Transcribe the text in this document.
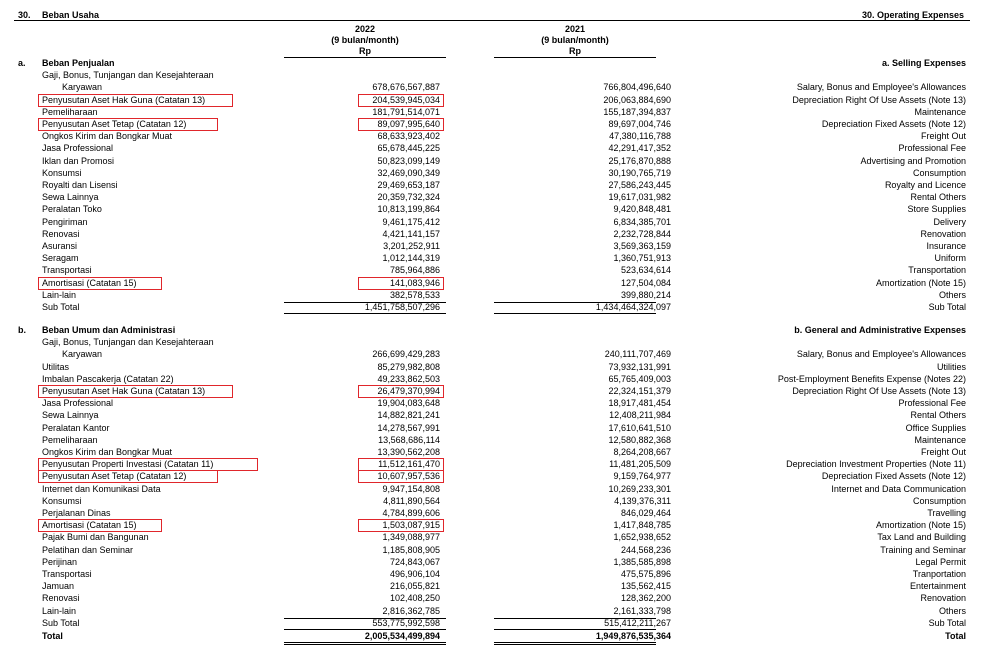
30. Beban Usaha	30. Operating Expenses
2022
(9 bulan/month)
Rp
2021
(9 bulan/month)
Rp
a. Beban Penjualan	a. Selling Expenses
Gaji, Bonus, Tunjangan dan Kesejahteraan
Karyawan	678,676,567,887	766,804,496,640	Salary, Bonus and Employee's Allowances
Penyusutan Aset Hak Guna (Catatan 13)	204,539,945,034	206,063,884,690	Depreciation Right Of Use Assets (Note 13)
Pemeliharaan	181,791,514,071	155,187,394,837	Maintenance
Penyusutan Aset Tetap (Catatan 12)	89,097,995,640	89,697,004,746	Depreciation Fixed Assets (Note 12)
Ongkos Kirim dan Bongkar Muat	68,633,923,402	47,380,116,788	Freight Out
Jasa Professional	65,678,445,225	42,291,417,352	Professional Fee
Iklan dan Promosi	50,823,099,149	25,176,870,888	Advertising and Promotion
Konsumsi	32,469,090,349	30,190,765,719	Consumption
Royalti dan Lisensi	29,469,653,187	27,586,243,445	Royalty and Licence
Sewa Lainnya	20,359,732,324	19,617,031,982	Rental Others
Peralatan Toko	10,813,199,864	9,420,848,481	Store Supplies
Pengiriman	9,461,175,412	6,834,385,701	Delivery
Renovasi	4,421,141,157	2,232,728,844	Renovation
Asuransi	3,201,252,911	3,569,363,159	Insurance
Seragam	1,012,144,319	1,360,751,913	Uniform
Transportasi	785,964,886	523,634,614	Transportation
Amortisasi (Catatan 15)	141,083,946	127,504,084	Amortization (Note 15)
Lain-lain	382,578,533	399,880,214	Others
Sub Total	1,451,758,507,296	1,434,464,324,097	Sub Total
b. Beban Umum dan Administrasi	b. General and Administrative Expenses
Gaji, Bonus, Tunjangan dan Kesejahteraan
Karyawan	266,699,429,283	240,111,707,469	Salary, Bonus and Employee's Allowances
Utilitas	85,279,982,808	73,932,131,991	Utilities
Imbalan Pascakerja (Catatan 22)	49,233,862,503	65,765,409,003	Post-Employment Benefits Expense (Notes 22)
Penyusutan Aset Hak Guna (Catatan 13)	26,479,370,994	22,324,151,379	Depreciation Right Of Use Assets (Note 13)
Jasa Professional	19,904,083,648	18,917,481,454	Professional Fee
Sewa Lainnya	14,882,821,241	12,408,211,984	Rental Others
Peralatan Kantor	14,278,567,991	17,610,641,510	Office Supplies
Pemeliharaan	13,568,686,114	12,580,882,368	Maintenance
Ongkos Kirim dan Bongkar Muat	13,390,562,208	8,264,208,667	Freight Out
Penyusutan Properti Investasi (Catatan 11)	11,512,161,470	11,481,205,509	Depreciation Investment Properties (Note 11)
Penyusutan Aset Tetap (Catatan 12)	10,607,957,536	9,159,764,977	Depreciation Fixed Assets (Note 12)
Internet dan Komunikasi Data	9,947,154,808	10,269,233,301	Internet and Data Communication
Konsumsi	4,811,890,564	4,139,376,311	Consumption
Perjalanan Dinas	4,784,899,606	846,029,464	Travelling
Amortisasi (Catatan 15)	1,503,087,915	1,417,848,785	Amortization (Note 15)
Pajak Bumi dan Bangunan	1,349,088,977	1,652,938,652	Tax Land and Building
Pelatihan dan Seminar	1,185,808,905	244,568,236	Training and Seminar
Perijinan	724,843,067	1,385,585,898	Legal Permit
Transportasi	496,906,104	475,575,896	Tranportation
Jamuan	216,055,821	135,562,415	Entertainment
Renovasi	102,408,250	128,362,200	Renovation
Lain-lain	2,816,362,785	2,161,333,798	Others
Sub Total	553,775,992,598	515,412,211,267	Sub Total
Total	2,005,534,499,894	1,949,876,535,364	Total
